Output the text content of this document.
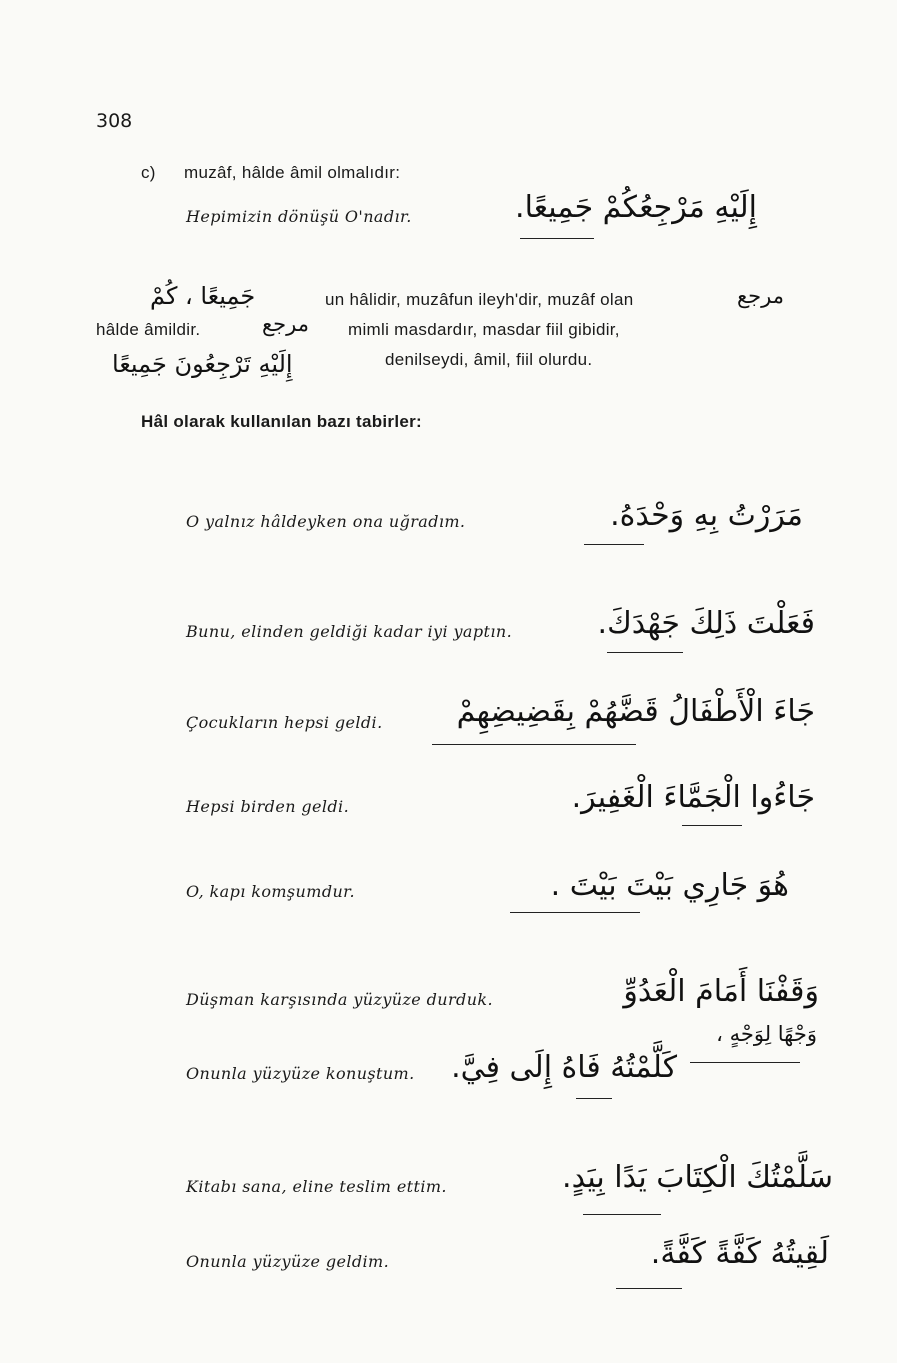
308
c) muzâf, hâlde âmil olmalıdır:
Hepimizin dönüşü O'nadır.	إِلَيْهِ مَرْجِعُكُمْ جَمِيعًا.
جَمِيعًا ، كُمْ	un hâlidir, muzâfun ileyh'dir, muzâf olan	مرجع
hâlde âmildir.	مرجع mimli masdardır, masdar fiil gibidir,
إِلَيْهِ تَرْجِعُونَ جَمِيعًا	denilseydi, âmil, fiil olurdu.
Hâl olarak kullanılan bazı tabirler:
O yalnız hâldeyken ona uğradım.	مَرَرْتُ بِهِ وَحْدَهُ.
Bunu, elinden geldiği kadar iyi yaptın.	فَعَلْتَ ذَلِكَ جَهْدَكَ.
Çocukların hepsi geldi. جَاءَ الْأَطْفَالُ قَضَّهُمْ بِقَضِيضِهِمْ
Hepsi birden geldi.	جَاءُوا الْجَمَّاءَ الْغَفِيرَ.
O, kapı komşumdur.	هُوَ جَارِي بَيْتَ بَيْتَ .
Düşman karşısında yüzyüze durduk.	وَقَفْنَا أَمَامَ الْعَدُوِّ
وَجْهًا لِوَجْهٍ ،
Onunla yüzyüze konuştum. كَلَّمْتُهُ فَاهُ إِلَى فِيَّ.
Kitabı sana, eline teslim ettim.	سَلَّمْتُكَ الْكِتَابَ يَدًا بِيَدٍ.
Onunla yüzyüze geldim.	لَقِيتُهُ كَفَّةً كَفَّةً.
